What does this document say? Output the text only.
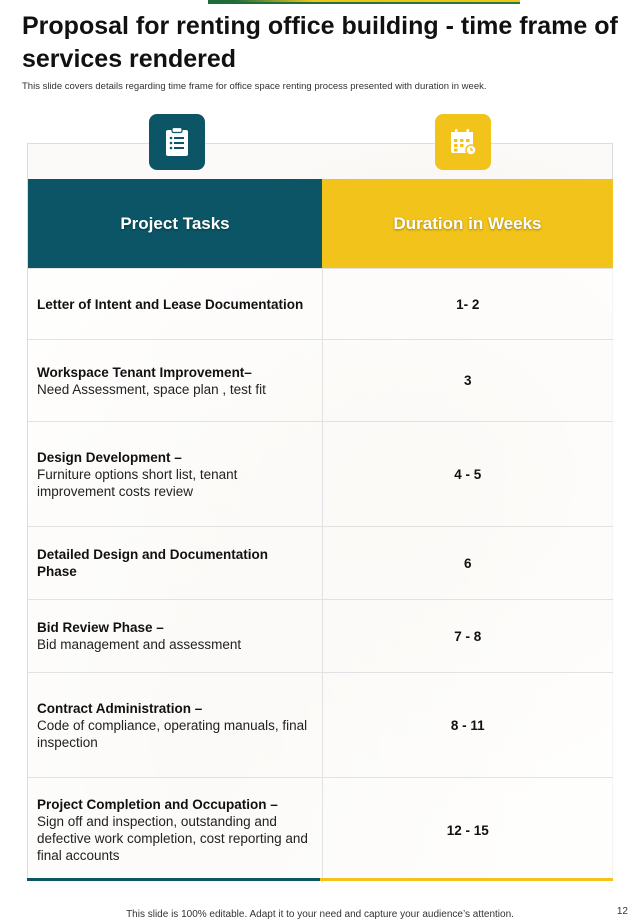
Proposal for renting office building - time frame of services rendered
This slide covers details regarding time frame for office space renting process presented with duration in week.
Project Tasks	Duration in Weeks

Letter of Intent and Lease Documentation	1- 2

Workspace Tenant Improvement–
Need Assessment, space plan , test fit	3

Design Development –
Furniture options short list, tenant improvement costs review	4 - 5

Detailed Design and Documentation Phase	6

Bid Review Phase –
Bid management and assessment	7 - 8

Contract Administration –
Code of compliance, operating manuals, final inspection	8 - 11

Project Completion and Occupation –
Sign off and inspection, outstanding and defective work completion, cost reporting and final accounts	12 - 15
This slide is 100% editable. Adapt it to your need and capture your audience’s attention.	12
